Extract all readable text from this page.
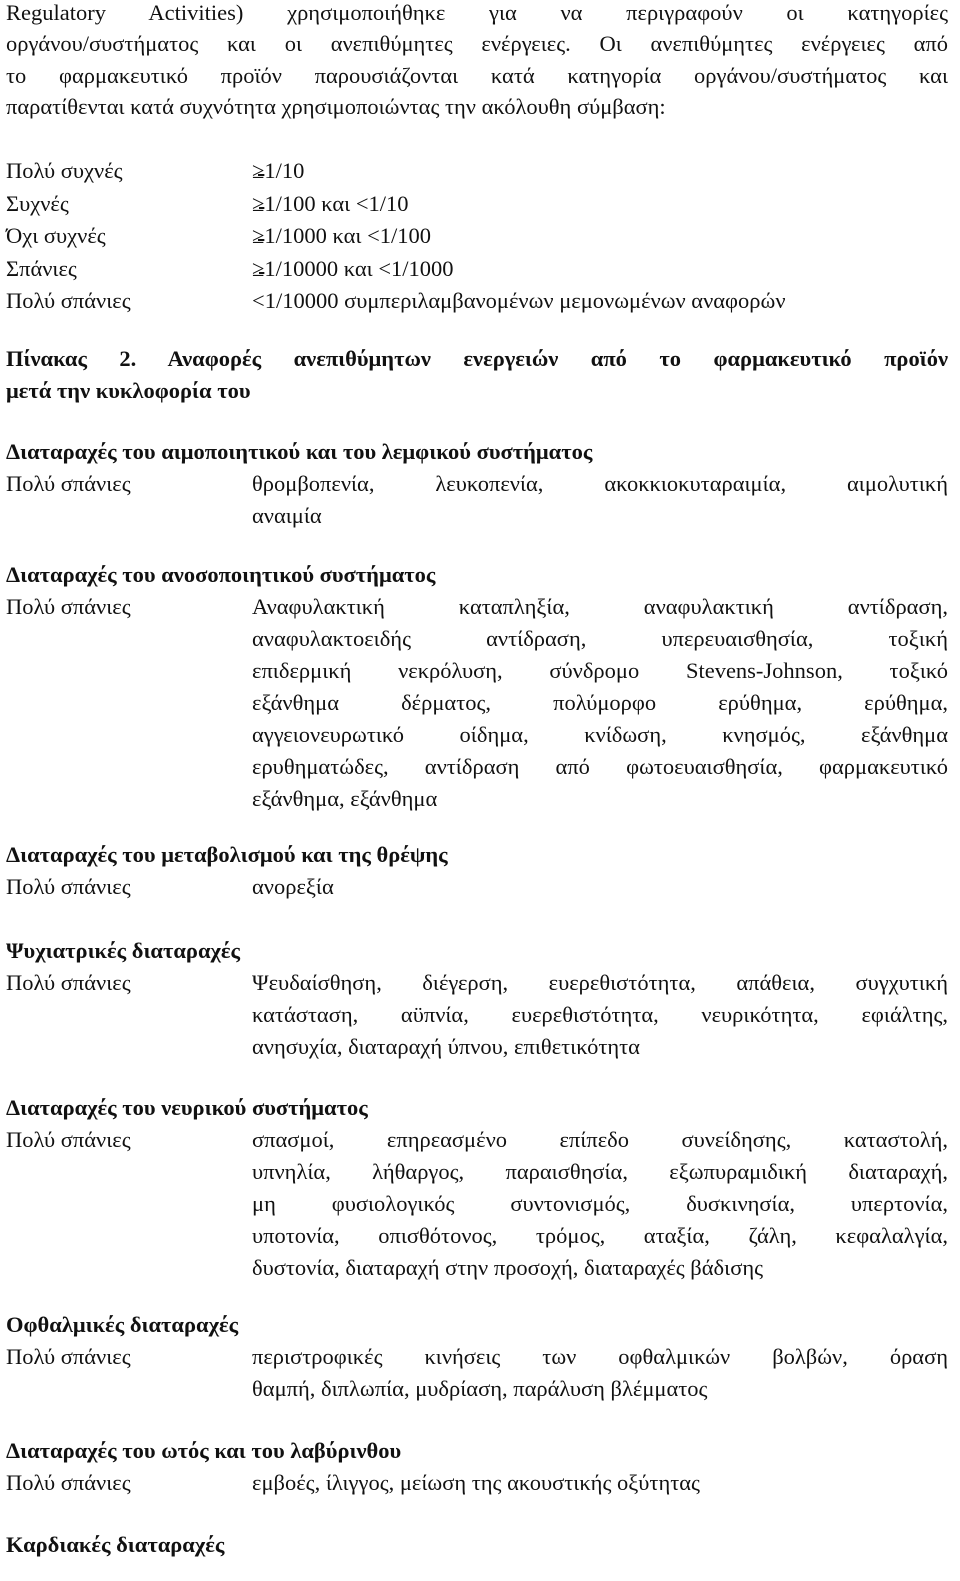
Regulatory Activities) χρησιμοποιήθηκε για να περιγραφούν οι κατηγορίες
οργάνου/συστήματος και οι ανεπιθύμητες ενέργειες. Οι ανεπιθύμητες ενέργειες από
το φαρμακευτικό προϊόν παρουσιάζονται κατά κατηγορία οργάνου/συστήματος και
παρατίθενται κατά συχνότητα χρησιμοποιώντας την ακόλουθη σύμβαση:
Πολύ συχνές	≥1/10
Συχνές	≥1/100 και <1/10
Όχι συχνές	≥1/1000 και <1/100
Σπάνιες	≥1/10000 και <1/1000
Πολύ σπάνιες	<1/10000 συμπεριλαμβανομένων μεμονωμένων αναφορών
Πίνακας 2. Αναφορές ανεπιθύμητων ενεργειών από το φαρμακευτικό προϊόν
μετά την κυκλοφορία του
Διαταραχές του αιμοποιητικού και του λεμφικού συστήματος
Πολύ σπάνιες	θρομβοπενία, λευκοπενία, ακοκκιοκυταραιμία, αιμολυτική
αναιμία
Διαταραχές του ανοσοποιητικού συστήματος
Πολύ σπάνιες	Αναφυλακτική καταπληξία, αναφυλακτική αντίδραση,
αναφυλακτοειδής αντίδραση, υπερευαισθησία, τοξική
επιδερμική νεκρόλυση, σύνδρομο Stevens-Johnson, τοξικό
εξάνθημα δέρματος, πολύμορφο ερύθημα, ερύθημα,
αγγειονευρωτικό οίδημα, κνίδωση, κνησμός, εξάνθημα
ερυθηματώδες, αντίδραση από φωτοευαισθησία, φαρμακευτικό
εξάνθημα, εξάνθημα
Διαταραχές του μεταβολισμού και της θρέψης
Πολύ σπάνιες	ανορεξία
Ψυχιατρικές διαταραχές
Πολύ σπάνιες	Ψευδαίσθηση, διέγερση, ευερεθιστότητα, απάθεια, συγχυτική
κατάσταση, αϋπνία, ευερεθιστότητα, νευρικότητα, εφιάλτης,
ανησυχία, διαταραχή ύπνου, επιθετικότητα
Διαταραχές του νευρικού συστήματος
Πολύ σπάνιες	σπασμοί, επηρεασμένο επίπεδο συνείδησης, καταστολή,
υπνηλία, λήθαργος, παραισθησία, εξωπυραμιδική διαταραχή,
μη φυσιολογικός συντονισμός, δυσκινησία, υπερτονία,
υποτονία, οπισθότονος, τρόμος, αταξία, ζάλη, κεφαλαλγία,
δυστονία, διαταραχή στην προσοχή, διαταραχές βάδισης
Οφθαλμικές διαταραχές
Πολύ σπάνιες	περιστροφικές κινήσεις των οφθαλμικών βολβών, όραση
θαμπή, διπλωπία, μυδρίαση, παράλυση βλέμματος
Διαταραχές του ωτός και του λαβύρινθου
Πολύ σπάνιες	εμβοές, ίλιγγος, μείωση της ακουστικής οξύτητας
Καρδιακές διαταραχές
